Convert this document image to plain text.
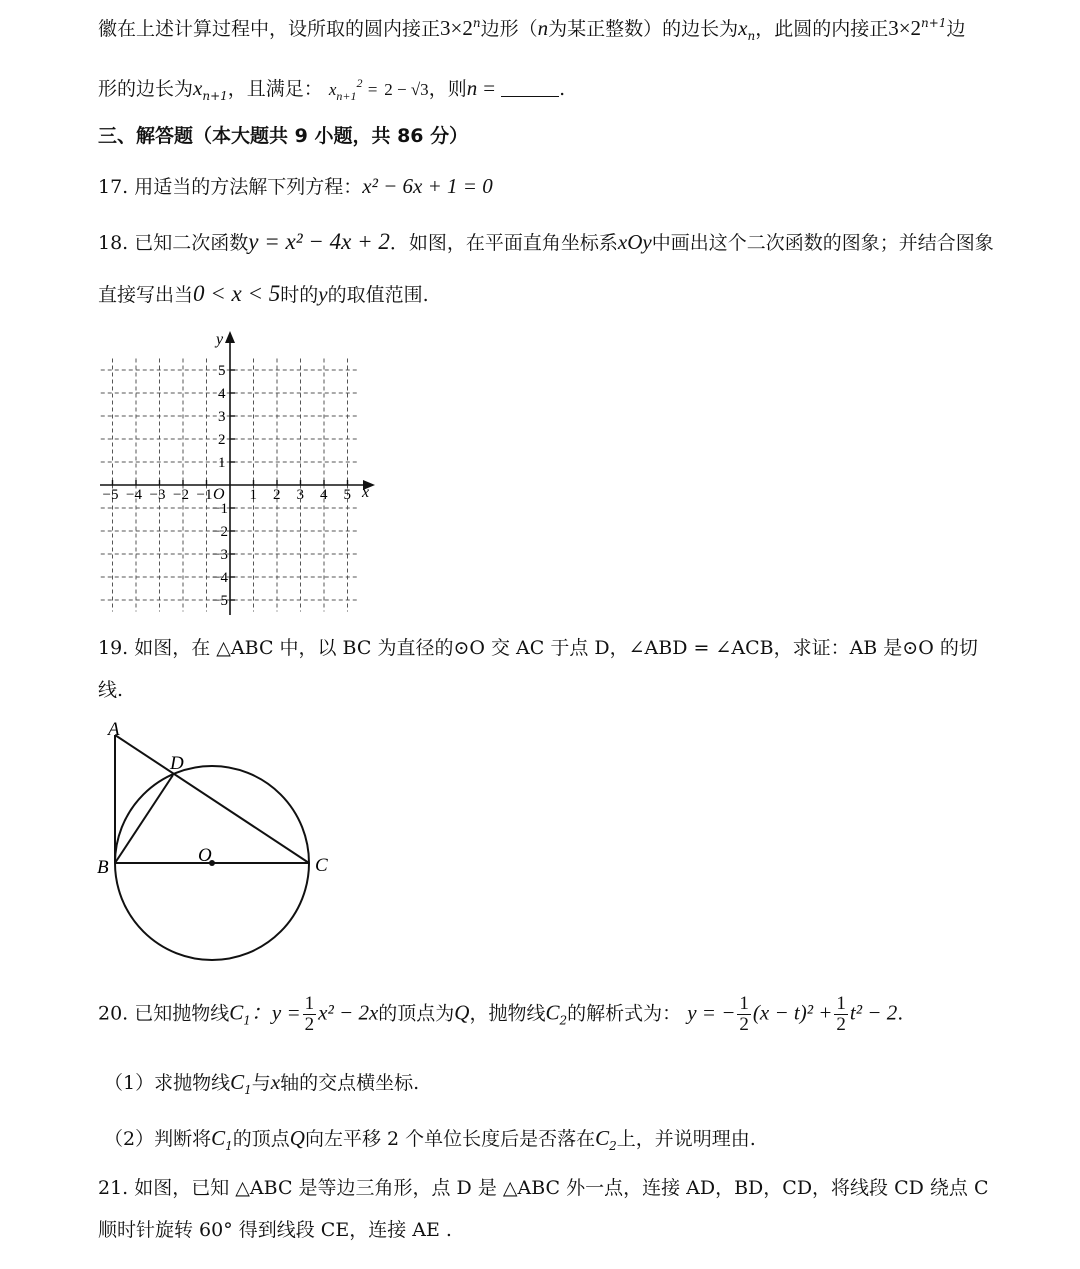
徽在上述计算过程中，设所取的圆内接正$3\times 2^n$边形（n为某正整数）的边长为$x_n$，此圆的内接正$3\times 2^{n+1}$边
形的边长为$x_{n+1}$，且满足： $x_{n+1}^2 = 2 - √3$，则n =	.
三、解答题（本大题共 9 小题，共 86 分）
17. 用适当的方法解下列方程：x² − 6x + 1 = 0
18. 已知二次函数y = x² − 4x + 2．如图，在平面直角坐标系xOy中画出这个二次函数的图象；并结合图象
直接写出当0 < x < 5时的y的取值范围.
−5 −4 −3 −2 −1 1 2 3 4 5
5
4
3
2
1
−1
−2
−3
−4
−5
x
y
O
19. 如图，在 △ABC 中，以 BC 为直径的⊙O 交 AC 于点 D，∠ABD = ∠ACB，求证：AB 是⊙O 的切
线.
A
D
B
O	C
20. 已知抛物线$C_1$：$y = \frac{1}{2} x^2 - 2x$的顶点为Q，抛物线$C_2$的解析式为： y = − $\frac{1}{2} (x - t)^2 + \frac{1}{2} t^2 - 2$.
（1）求抛物线$C_1$与x轴的交点横坐标.
（2）判断将$C_1$的顶点Q向左平移 2 个单位长度后是否落在$C_2$上，并说明理由.
21. 如图，已知 △ABC 是等边三角形，点 D 是 △ABC 外一点，连接 AD，BD，CD，将线段 CD 绕点 C
顺时针旋转 60° 得到线段 CE，连接 AE .
